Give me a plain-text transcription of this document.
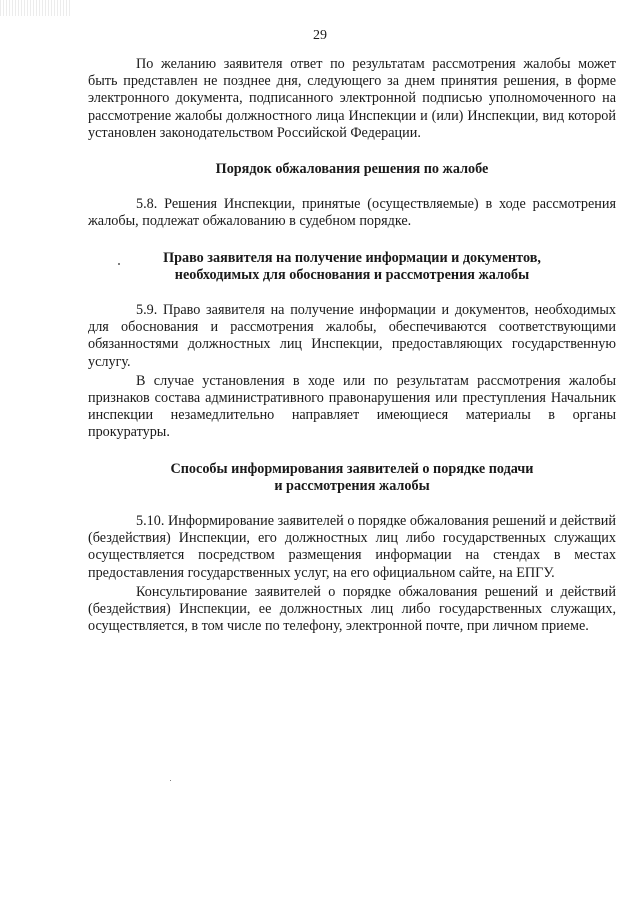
29

По желанию заявителя ответ по результатам рассмотрения жалобы может быть представлен не позднее дня, следующего за днем принятия решения, в форме электронного документа, подписанного электронной подписью уполномоченного на рассмотрение жалобы должностного лица Инспекции и (или) Инспекции, вид которой установлен законодательством Российской Федерации.

Порядок обжалования решения по жалобе

5.8. Решения Инспекции, принятые (осуществляемые) в ходе рассмотрения жалобы, подлежат обжалованию в судебном порядке.

Право заявителя на получение информации и документов,
необходимых для обоснования и рассмотрения жалобы

5.9. Право заявителя на получение информации и документов, необходимых для обоснования и рассмотрения жалобы, обеспечиваются соответствующими обязанностями должностных лиц Инспекции, предоставляющих государственную услугу.

В случае установления в ходе или по результатам рассмотрения жалобы признаков состава административного правонарушения или преступления Начальник инспекции незамедлительно направляет имеющиеся материалы в органы прокуратуры.

Способы информирования заявителей о порядке подачи
и рассмотрения жалобы

5.10. Информирование заявителей о порядке обжалования решений и действий (бездействия) Инспекции, его должностных лиц либо государственных служащих осуществляется посредством размещения информации на стендах в местах предоставления государственных услуг, на его официальном сайте, на ЕПГУ.

Консультирование заявителей о порядке обжалования решений и действий (бездействия) Инспекции, ее должностных лиц либо государственных служащих, осуществляется, в том числе по телефону, электронной почте, при личном приеме.
